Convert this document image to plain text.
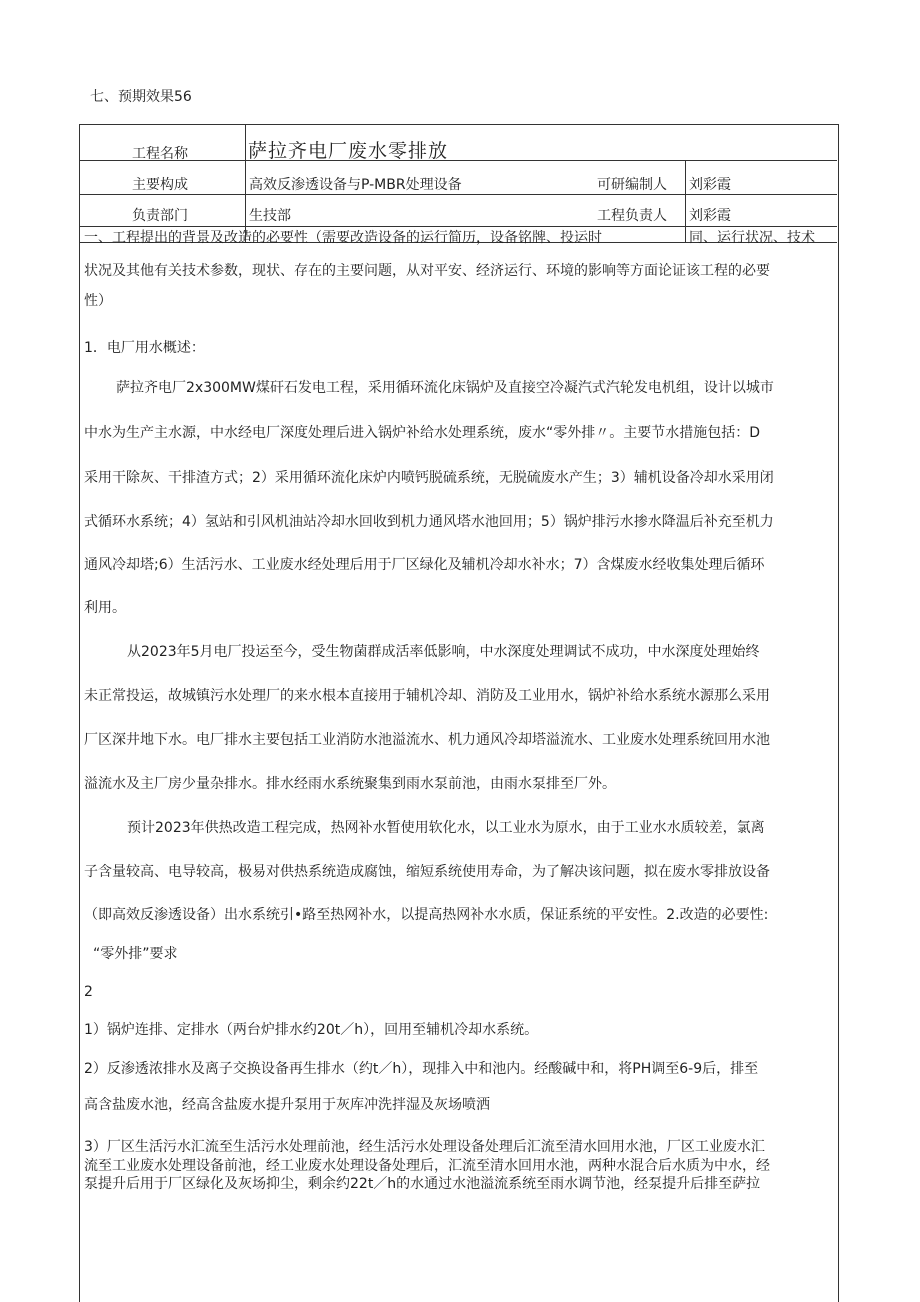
七、预期效果56
工程名称	萨拉齐电厂废水零排放
主要构成	高效反渗透设备与P-MBR处理设备	可研编制人 刘彩霞
负责部门	生技部	工程负责人 刘彩霞
一、工程提出的背景及改造的必要性（需要改造设备的运行简历，设备铭牌、投运时	同、运行状况、技术
状况及其他有关技术参数，现状、存在的主要问题，从对平安、经济运行、环境的影响等方面论证该工程的必要
性）
1．电厂用水概述：
萨拉齐电厂2x300MW煤矸石发电工程，采用循环流化床锅炉及直接空冷凝汽式汽轮发电机组，设计以城市
中水为生产主水源，中水经电厂深度处理后进入锅炉补给水处理系统，废水“零外排〃。主要节水措施包括：D
采用干除灰、干排渣方式；2）采用循环流化床炉内喷钙脱硫系统，无脱硫废水产生；3）辅机设备冷却水采用闭
式循环水系统；4）氢站和引风机油站冷却水回收到机力通风塔水池回用；5）锅炉排污水掺水降温后补充至机力
通风冷却塔;6）生活污水、工业废水经处理后用于厂区绿化及辅机冷却水补水；7）含煤废水经收集处理后循环
利用。
从2023年5月电厂投运至今，受生物菌群成活率低影响，中水深度处理调试不成功，中水深度处理始终
未正常投运，故城镇污水处理厂的来水根本直接用于辅机冷却、消防及工业用水，锅炉补给水系统水源那么采用
厂区深井地下水。电厂排水主要包括工业消防水池溢流水、机力通风冷却塔溢流水、工业废水处理系统回用水池
溢流水及主厂房少量杂排水。排水经雨水系统聚集到雨水泵前池，由雨水泵排至厂外。
预计2023年供热改造工程完成，热网补水暂使用软化水，以工业水为原水，由于工业水水质较差，氯离
子含量较高、电导较高，极易对供热系统造成腐蚀，缩短系统使用寿命，为了解决该问题，拟在废水零排放设备
（即高效反渗透设备）出水系统引•路至热网补水，以提高热网补水水质，保证系统的平安性。2.改造的必要性:
“零外排”要求
2
1）锅炉连排、定排水（两台炉排水约20t／h），回用至辅机冷却水系统。
2）反渗透浓排水及离子交换设备再生排水（约t／h），现排入中和池内。经酸碱中和，将PH调至6-9后，排至
高含盐废水池，经高含盐废水提升泵用于灰库冲洗拌湿及灰场喷洒
3）厂区生活污水汇流至生活污水处理前池，经生活污水处理设备处理后汇流至清水回用水池，厂区工业废水汇
流至工业废水处理设备前池，经工业废水处理设备处理后，汇流至清水回用水池，两种水混合后水质为中水，经
泵提升后用于厂区绿化及灰场抑尘，剩余约22t／h的水通过水池溢流系统至雨水调节池，经泵提升后排至萨拉
